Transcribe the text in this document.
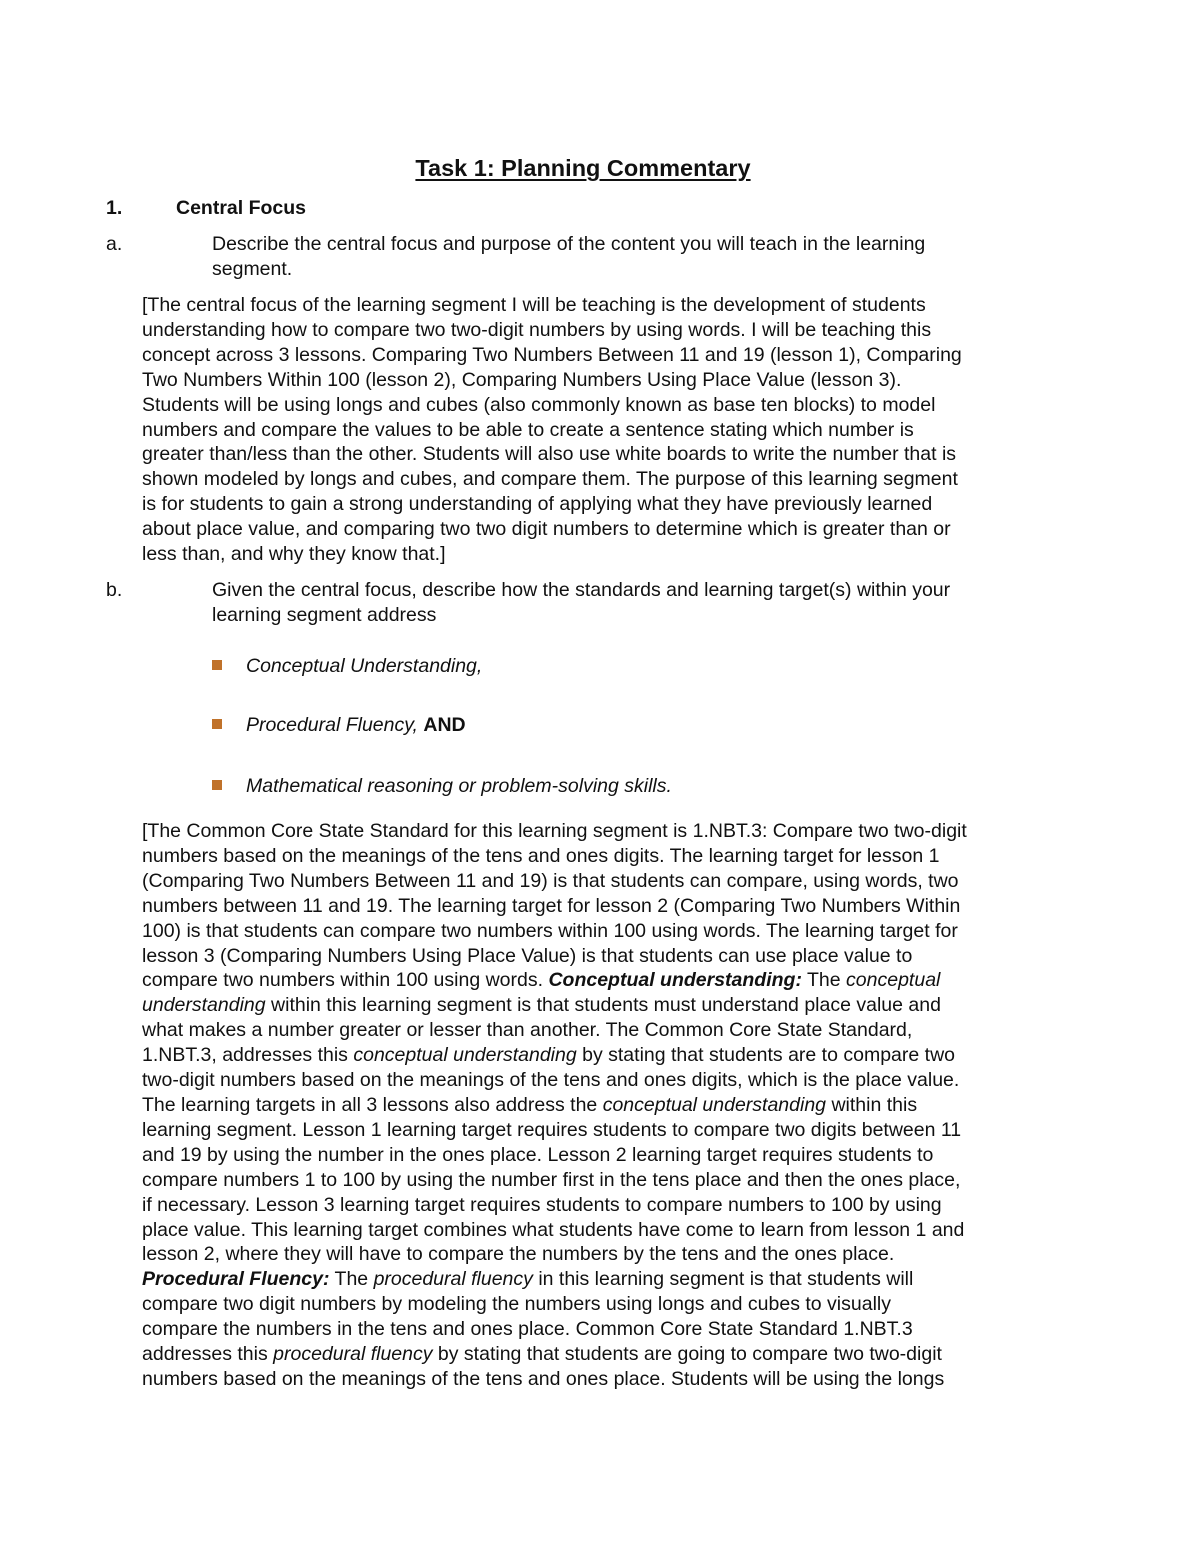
Task 1: Planning Commentary
1.	Central Focus
a.	Describe the central focus and purpose of the content you will teach in the learning
segment.
[The central focus of the learning segment I will be teaching is the development of students
understanding how to compare two two-digit numbers by using words. I will be teaching this
concept across 3 lessons. Comparing Two Numbers Between 11 and 19 (lesson 1), Comparing
Two Numbers Within 100 (lesson 2), Comparing Numbers Using Place Value (lesson 3).
Students will be using longs and cubes (also commonly known as base ten blocks) to model
numbers and compare the values to be able to create a sentence stating which number is
greater than/less than the other. Students will also use white boards to write the number that is
shown modeled by longs and cubes, and compare them. The purpose of this learning segment
is for students to gain a strong understanding of applying what they have previously learned
about place value, and comparing two two digit numbers to determine which is greater than or
less than, and why they know that.]
b.	Given the central focus, describe how the standards and learning target(s) within your
learning segment address
Conceptual Understanding,
Procedural Fluency, AND
Mathematical reasoning or problem-solving skills.
[The Common Core State Standard for this learning segment is 1.NBT.3: Compare two two-digit
numbers based on the meanings of the tens and ones digits. The learning target for lesson 1
(Comparing Two Numbers Between 11 and 19) is that students can compare, using words, two
numbers between 11 and 19. The learning target for lesson 2 (Comparing Two Numbers Within
100) is that students can compare two numbers within 100 using words. The learning target for
lesson 3 (Comparing Numbers Using Place Value) is that students can use place value to
compare two numbers within 100 using words. Conceptual understanding: The conceptual
understanding within this learning segment is that students must understand place value and
what makes a number greater or lesser than another. The Common Core State Standard,
1.NBT.3, addresses this conceptual understanding by stating that students are to compare two
two-digit numbers based on the meanings of the tens and ones digits, which is the place value.
The learning targets in all 3 lessons also address the conceptual understanding within this
learning segment. Lesson 1 learning target requires students to compare two digits between 11
and 19 by using the number in the ones place. Lesson 2 learning target requires students to
compare numbers 1 to 100 by using the number first in the tens place and then the ones place,
if necessary. Lesson 3 learning target requires students to compare numbers to 100 by using
place value. This learning target combines what students have come to learn from lesson 1 and
lesson 2, where they will have to compare the numbers by the tens and the ones place.
Procedural Fluency: The procedural fluency in this learning segment is that students will
compare two digit numbers by modeling the numbers using longs and cubes to visually
compare the numbers in the tens and ones place. Common Core State Standard 1.NBT.3
addresses this procedural fluency by stating that students are going to compare two two-digit
numbers based on the meanings of the tens and ones place. Students will be using the longs
